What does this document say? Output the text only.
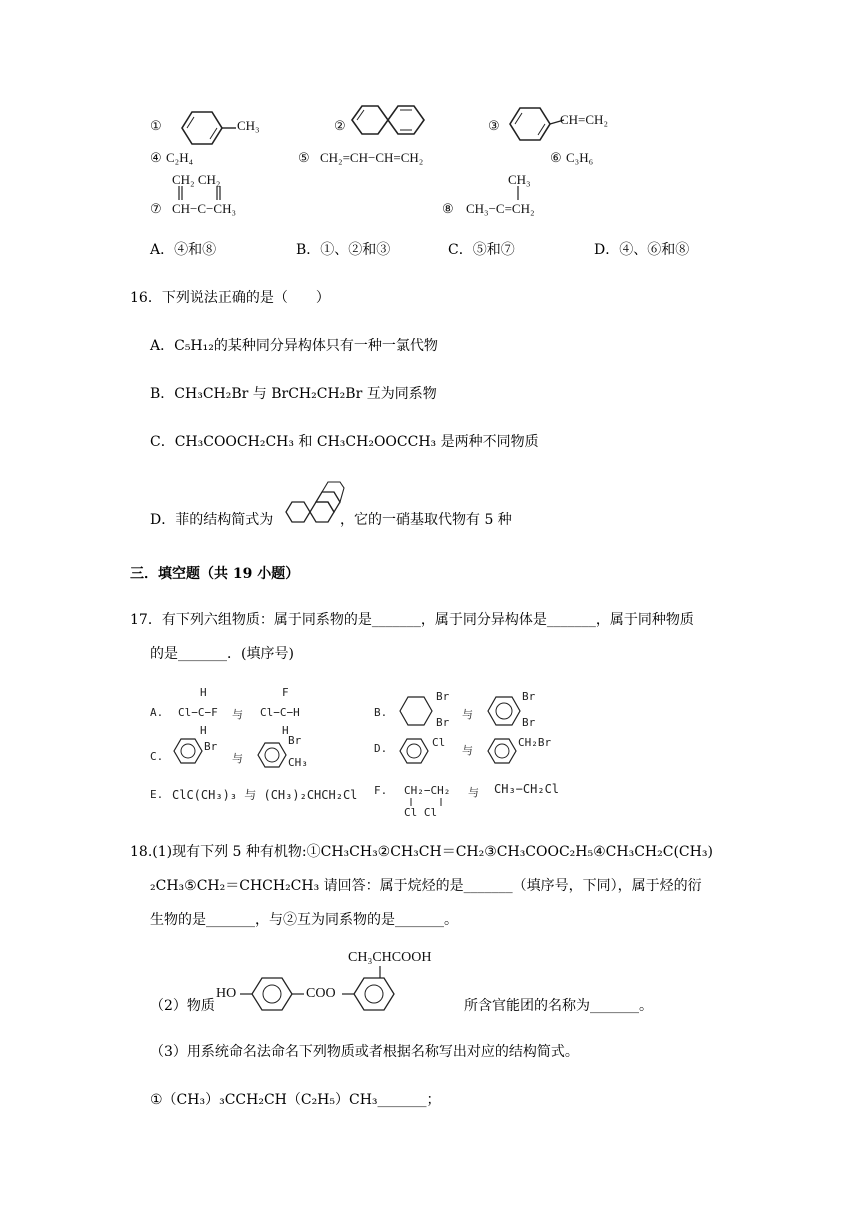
①	CH₃	②	③	CH=CH₂
④ C₂H₄	⑤ CH₂=CH−CH=CH₂	⑥ C₃H₆
CH₂ CH₂
⑦ CH−C−CH₃
CH₃
⑧ CH₃−C=CH₂
A．④和⑧	B．①、②和③	C．⑤和⑦	D．④、⑥和⑧
16．下列说法正确的是（　　）
A．C₅H₁₂的某种同分异构体只有一种一氯代物
B．CH₃CH₂Br 与 BrCH₂CH₂Br 互为同系物
C．CH₃COOCH₂CH₃ 和 CH₃CH₂OOCCH₃ 是两种不同物质
D．菲的结构简式为	，它的一硝基取代物有 5 种
三．填空题（共 19 小题）
17．有下列六组物质：属于同系物的是_______，属于同分异构体是_______，属于同种物质
的是_______．(填序号)
A.
H
Cl−C−F
H
与
F
Cl−C−H
H
B.
Br
Br
与
Br
Br
C.
Br
与
Br
CH₃
D.	Cl
与
CH₂Br
E. ClC(CH₃)₃ 与 (CH₃)₂CHCH₂Cl F. CH₂−CH₂
Cl Cl
与 CH₃−CH₂Cl
18.(1)现有下列 5 种有机物:①CH₃CH₃②CH₃CH＝CH₂③CH₃COOC₂H₅④CH₃CH₂C(CH₃)
₂CH₃⑤CH₂＝CHCH₂CH₃ 请回答：属于烷烃的是_______（填序号，下同），属于烃的衍
生物的是_______，与②互为同系物的是_______。
CH₃CHCOOH
（2）物质
HO	COO
所含官能团的名称为_______。
（3）用系统命名法命名下列物质或者根据名称写出对应的结构简式。
①（CH₃）₃CCH₂CH（C₂H₅）CH₃_______；
